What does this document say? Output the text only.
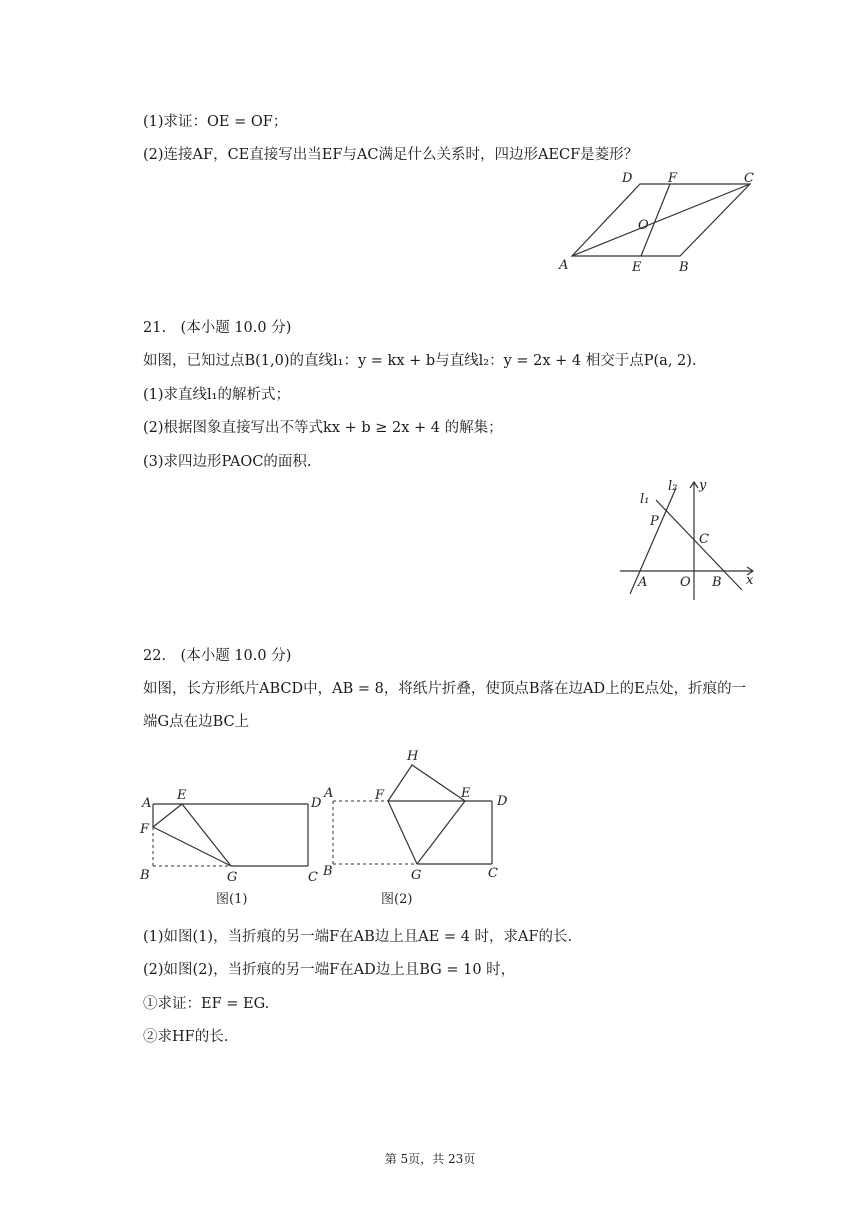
(1)求证：OE = OF；
(2)连接AF，CE直接写出当EF与AC满足什么关系时，四边形AECF是菱形？
A	B
C
D
E
F
O
21.　(本小题 10.0 分)
如图，已知过点B(1,0)的直线l₁：y = kx + b与直线l₂：y = 2x + 4 相交于点P(a, 2).
(1)求直线l₁的解析式；
(2)根据图象直接写出不等式kx + b ≥ 2x + 4 的解集；
(3)求四边形PAOC的面积.
l₁
l₂ y
x
P
C
A	O B
22.　(本小题 10.0 分)
如图，长方形纸片ABCD中，AB = 8，将纸片折叠，使顶点B落在边AD上的E点处，折痕的一
端G点在边BC上
A
E
D
F
B	G	C
图(1)
H
A	F	E
D
B	G	C
图(2)
(1)如图(1)，当折痕的另一端F在AB边上且AE = 4 时，求AF的长.
(2)如图(2)，当折痕的另一端F在AD边上且BG = 10 时，
①求证：EF = EG.
②求HF的长.
第 5页，共 23页
